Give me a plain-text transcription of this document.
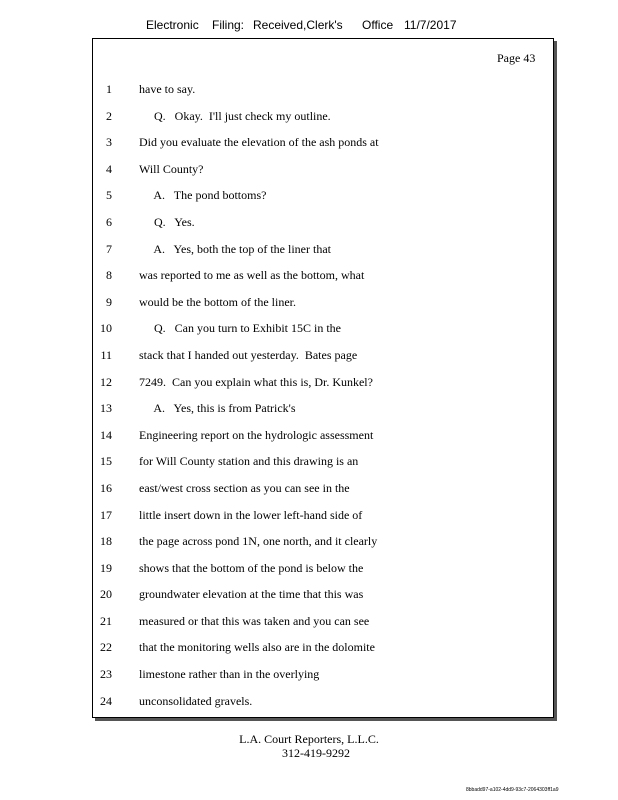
Electronic Filing: Received,Clerk's Office 11/7/2017
Page 43
1 have to say.
2 Q.   Okay.  I'll just check my outline.
3 Did you evaluate the elevation of the ash ponds at
4 Will County?
5 A.   The pond bottoms?
6 Q.   Yes.
7 A.   Yes, both the top of the liner that
8 was reported to me as well as the bottom, what
9 would be the bottom of the liner.
10 Q.   Can you turn to Exhibit 15C in the
11 stack that I handed out yesterday.  Bates page
12 7249.  Can you explain what this is, Dr. Kunkel?
13 A.   Yes, this is from Patrick's
14 Engineering report on the hydrologic assessment
15 for Will County station and this drawing is an
16 east/west cross section as you can see in the
17 little insert down in the lower left-hand side of
18 the page across pond 1N, one north, and it clearly
19 shows that the bottom of the pond is below the
20 groundwater elevation at the time that this was
21 measured or that this was taken and you can see
22 that the monitoring wells also are in the dolomite
23 limestone rather than in the overlying
24 unconsolidated gravels.
L.A. Court Reporters, L.L.C.
312-419-9292
8bbadd97-a102-4dd9-93c7-2064303ff1a9
